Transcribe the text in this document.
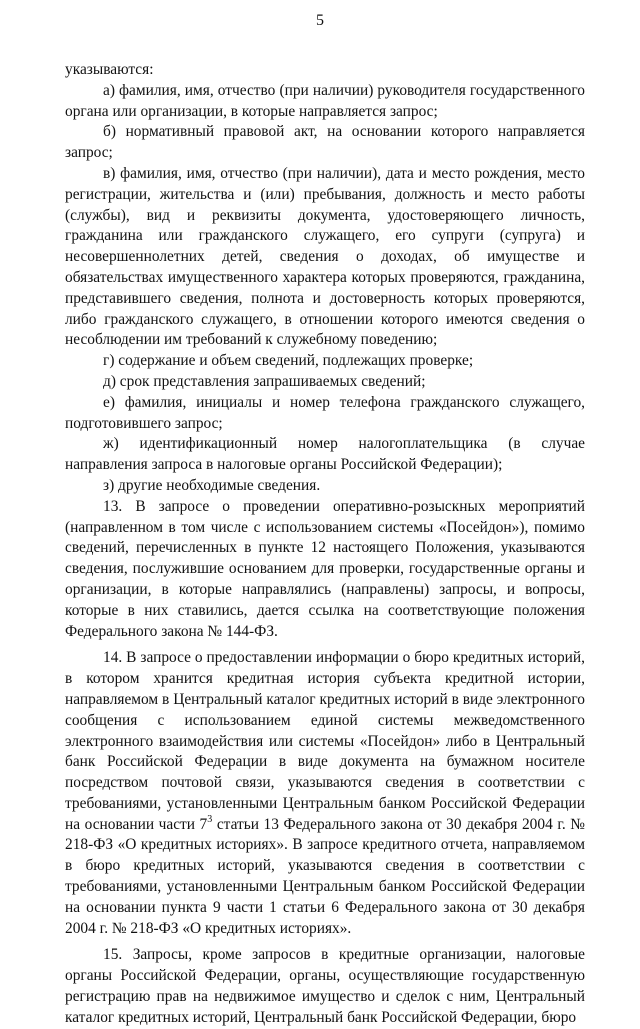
5

указываются:

а) фамилия, имя, отчество (при наличии) руководителя государственного органа или организации, в которые направляется запрос;

б) нормативный правовой акт, на основании которого направляется запрос;

в) фамилия, имя, отчество (при наличии), дата и место рождения, место регистрации, жительства и (или) пребывания, должность и место работы (службы), вид и реквизиты документа, удостоверяющего личность, гражданина или гражданского служащего, его супруги (супруга) и несовершеннолетних детей, сведения о доходах, об имуществе и обязательствах имущественного характера которых проверяются, гражданина, представившего сведения, полнота и достоверность которых проверяются, либо гражданского служащего, в отношении которого имеются сведения о несоблюдении им требований к служебному поведению;

г) содержание и объем сведений, подлежащих проверке;

д) срок представления запрашиваемых сведений;

е) фамилия, инициалы и номер телефона гражданского служащего, подготовившего запрос;

ж) идентификационный номер налогоплательщика (в случае направления запроса в налоговые органы Российской Федерации);

з) другие необходимые сведения.

13. В запросе о проведении оперативно-розыскных мероприятий (направленном в том числе с использованием системы «Посейдон»), помимо сведений, перечисленных в пункте 12 настоящего Положения, указываются сведения, послужившие основанием для проверки, государственные органы и организации, в которые направлялись (направлены) запросы, и вопросы, которые в них ставились, дается ссылка на соответствующие положения Федерального закона № 144-ФЗ.

14. В запросе о предоставлении информации о бюро кредитных историй, в котором хранится кредитная история субъекта кредитной истории, направляемом в Центральный каталог кредитных историй в виде электронного сообщения с использованием единой системы межведомственного электронного взаимодействия или системы «Посейдон» либо в Центральный банк Российской Федерации в виде документа на бумажном носителе посредством почтовой связи, указываются сведения в соответствии с требованиями, установленными Центральным банком Российской Федерации на основании части $7^3$ статьи 13 Федерального закона от 30 декабря 2004 г. № 218-ФЗ «О кредитных историях». В запросе кредитного отчета, направляемом в бюро кредитных историй, указываются сведения в соответствии с требованиями, установленными Центральным банком Российской Федерации на основании пункта 9 части 1 статьи 6 Федерального закона от 30 декабря 2004 г. № 218-ФЗ «О кредитных историях».

15. Запросы, кроме запросов в кредитные организации, налоговые органы Российской Федерации, органы, осуществляющие государственную регистрацию прав на недвижимое имущество и сделок с ним, Центральный каталог кредитных историй, Центральный банк Российской Федерации, бюро
